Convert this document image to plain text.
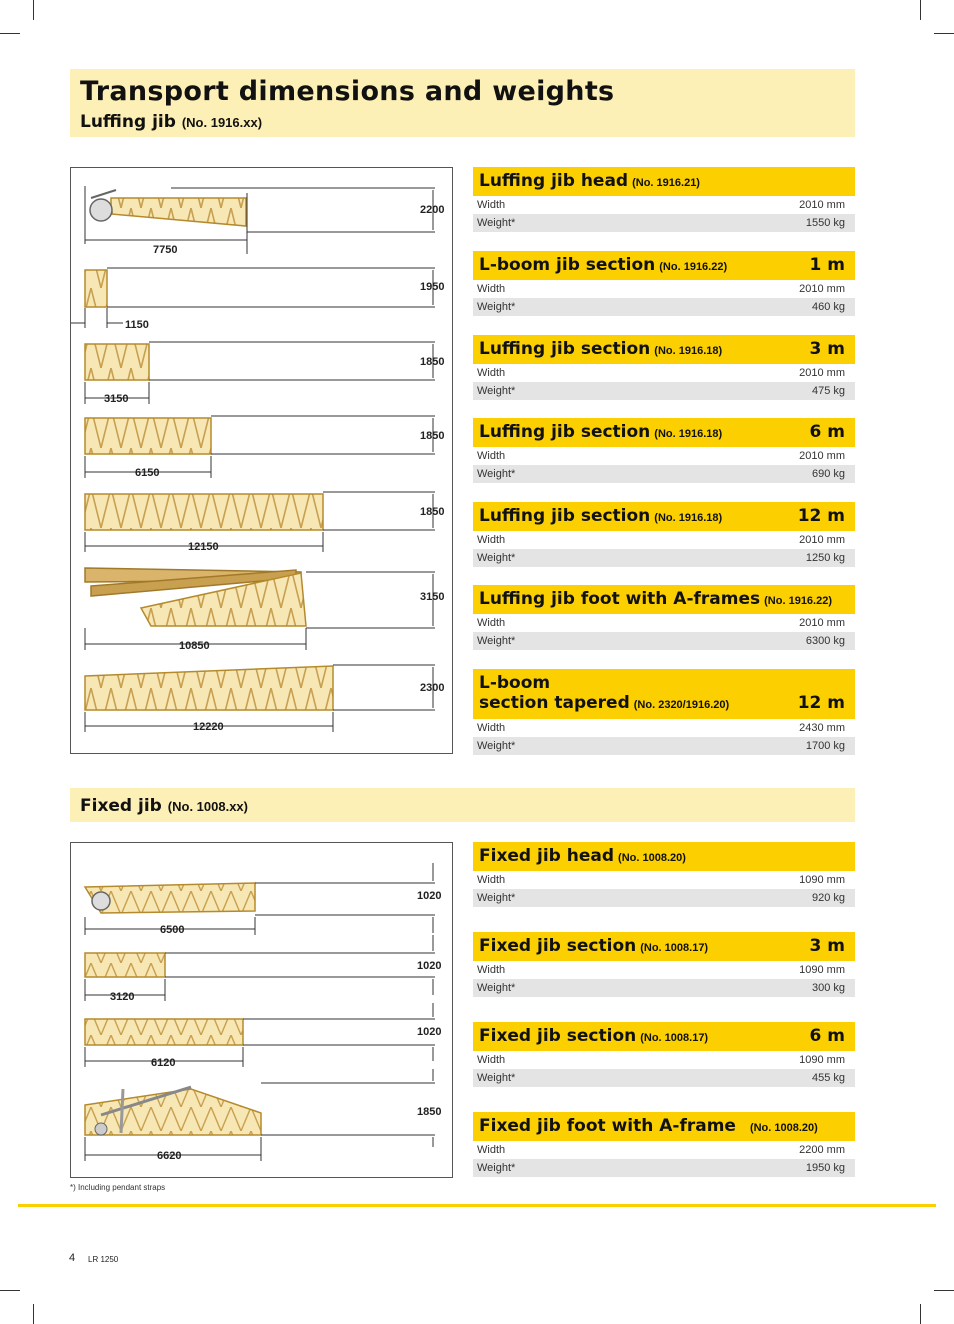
Transport dimensions and weights
Luffing jib (No. 1916.xx)
7750
2200
1150
1950
3150
1850
6150
1850
12150
1850
10850
3150
12220
2300
Luffing jib head (No. 1916.21)
Width	2010 mm
Weight*	1550 kg
L-boom jib section (No. 1916.22)	1 m
Width	2010 mm
Weight*	460 kg
Luffing jib section (No. 1916.18)	3 m
Width	2010 mm
Weight*	475 kg
Luffing jib section (No. 1916.18)	6 m
Width	2010 mm
Weight*	690 kg
Luffing jib section (No. 1916.18)	12 m
Width	2010 mm
Weight*	1250 kg
Luffing jib foot with A-frames (No. 1916.22)
Width	2010 mm
Weight*	6300 kg
L-boom
section tapered (No. 2320/1916.20)	12 m
Width	2430 mm
Weight*	1700 kg
Fixed jib (No. 1008.xx)
6500
1020
3120
1020
6120
1020
6620
1850
Fixed jib head (No. 1008.20)
Width	1090 mm
Weight*	920 kg
Fixed jib section (No. 1008.17)	3 m
Width	1090 mm
Weight*	300 kg
Fixed jib section (No. 1008.17)	6 m
Width	1090 mm
Weight*	455 kg
Fixed jib foot with A-frame (No. 1008.20)
Width	2200 mm
Weight*	1950 kg
*) Including pendant straps
4 LR 1250
